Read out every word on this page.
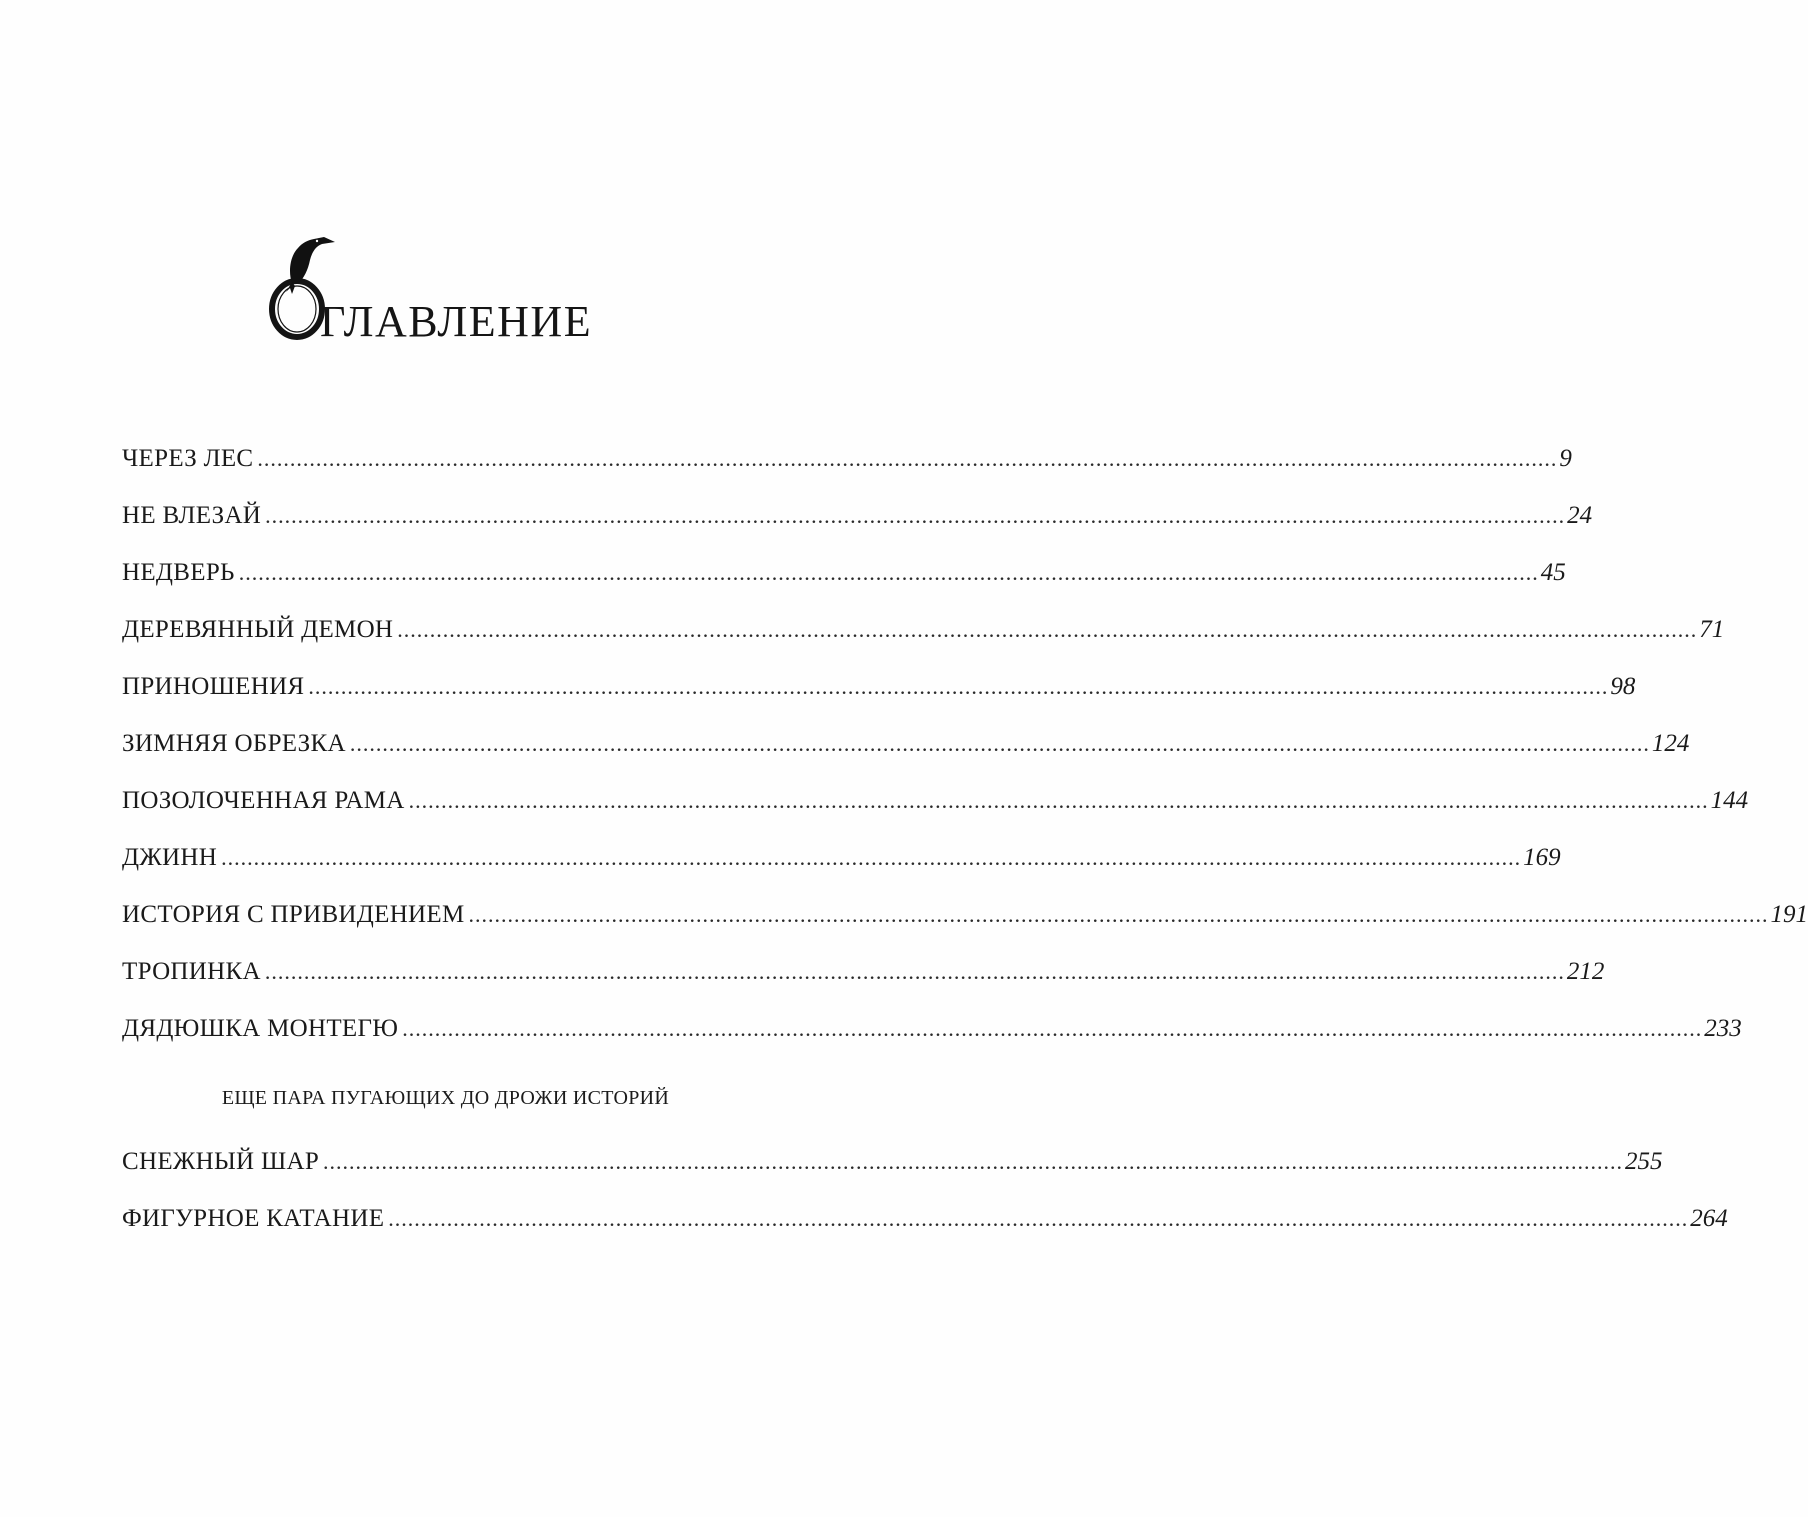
ГЛАВЛЕНИЕ
ЧЕРЕЗ ЛЕС ........................................................................................................................................................................................................ 9
НЕ ВЛЕЗАЙ ........................................................................................................................................................................................................ 24
НЕДВЕРЬ ........................................................................................................................................................................................................ 45
ДЕРЕВЯННЫЙ ДЕМОН ........................................................................................................................................................................................................ 71
ПРИНОШЕНИЯ ........................................................................................................................................................................................................ 98
ЗИМНЯЯ ОБРЕЗКА ........................................................................................................................................................................................................ 124
ПОЗОЛОЧЕННАЯ РАМА ........................................................................................................................................................................................................ 144
ДЖИНН ........................................................................................................................................................................................................ 169
ИСТОРИЯ С ПРИВИДЕНИЕМ ........................................................................................................................................................................................................ 191
ТРОПИНКА ........................................................................................................................................................................................................ 212
ДЯДЮШКА МОНТЕГЮ ........................................................................................................................................................................................................ 233
ЕЩЕ ПАРА ПУГАЮЩИХ ДО ДРОЖИ ИСТОРИЙ
СНЕЖНЫЙ ШАР ........................................................................................................................................................................................................ 255
ФИГУРНОЕ КАТАНИЕ ........................................................................................................................................................................................................ 264
